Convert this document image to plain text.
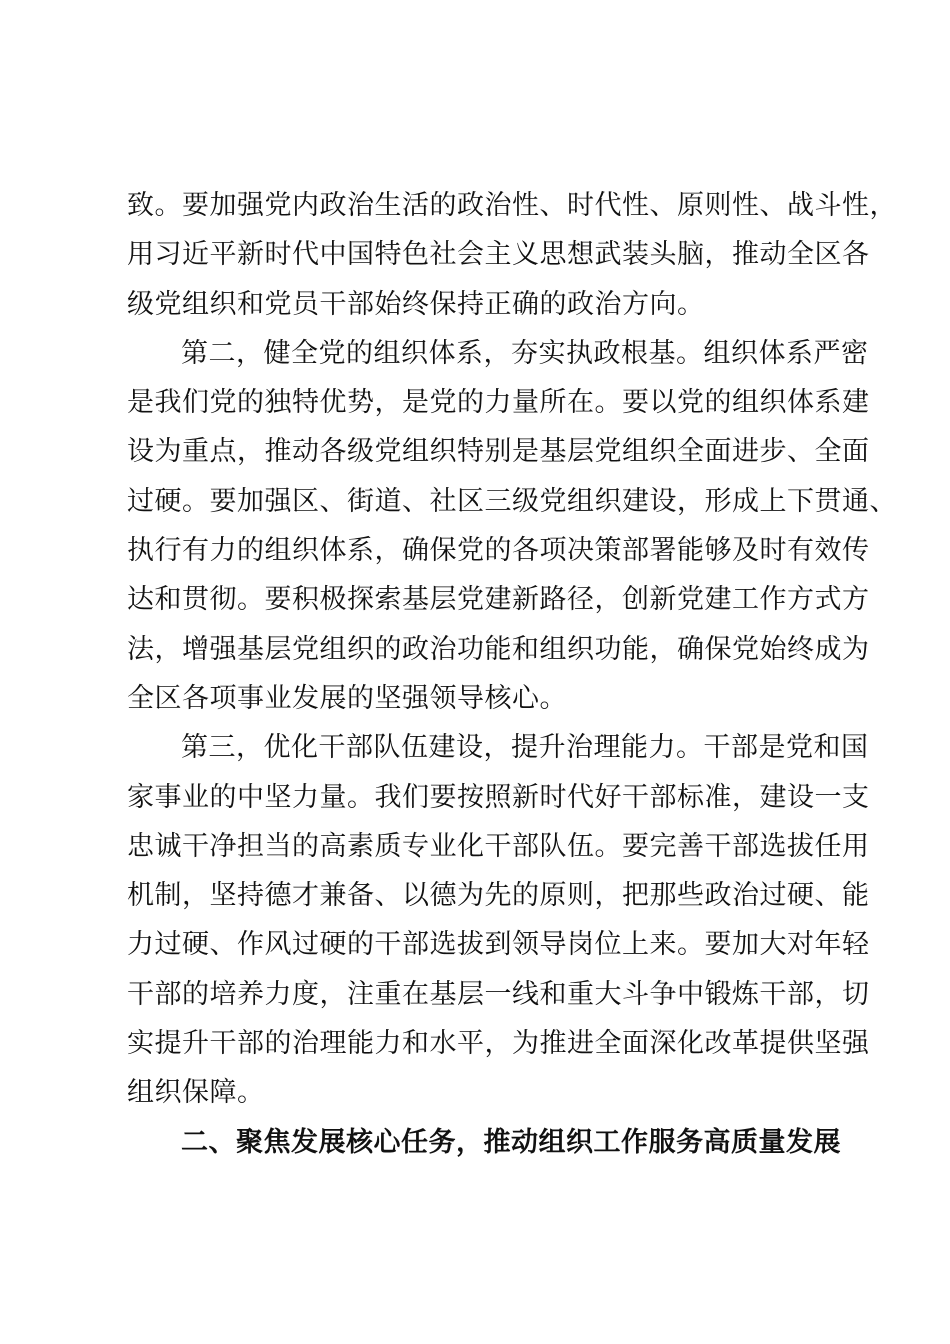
致。要加强党内政治生活的政治性、时代性、原则性、战斗性，
用习近平新时代中国特色社会主义思想武装头脑，推动全区各
级党组织和党员干部始终保持正确的政治方向。

第二，健全党的组织体系，夯实执政根基。组织体系严密
是我们党的独特优势，是党的力量所在。要以党的组织体系建
设为重点，推动各级党组织特别是基层党组织全面进步、全面
过硬。要加强区、街道、社区三级党组织建设，形成上下贯通、
执行有力的组织体系，确保党的各项决策部署能够及时有效传
达和贯彻。要积极探索基层党建新路径，创新党建工作方式方
法，增强基层党组织的政治功能和组织功能，确保党始终成为
全区各项事业发展的坚强领导核心。

第三，优化干部队伍建设，提升治理能力。干部是党和国
家事业的中坚力量。我们要按照新时代好干部标准，建设一支
忠诚干净担当的高素质专业化干部队伍。要完善干部选拔任用
机制，坚持德才兼备、以德为先的原则，把那些政治过硬、能
力过硬、作风过硬的干部选拔到领导岗位上来。要加大对年轻
干部的培养力度，注重在基层一线和重大斗争中锻炼干部，切
实提升干部的治理能力和水平，为推进全面深化改革提供坚强
组织保障。

二、聚焦发展核心任务，推动组织工作服务高质量发展
